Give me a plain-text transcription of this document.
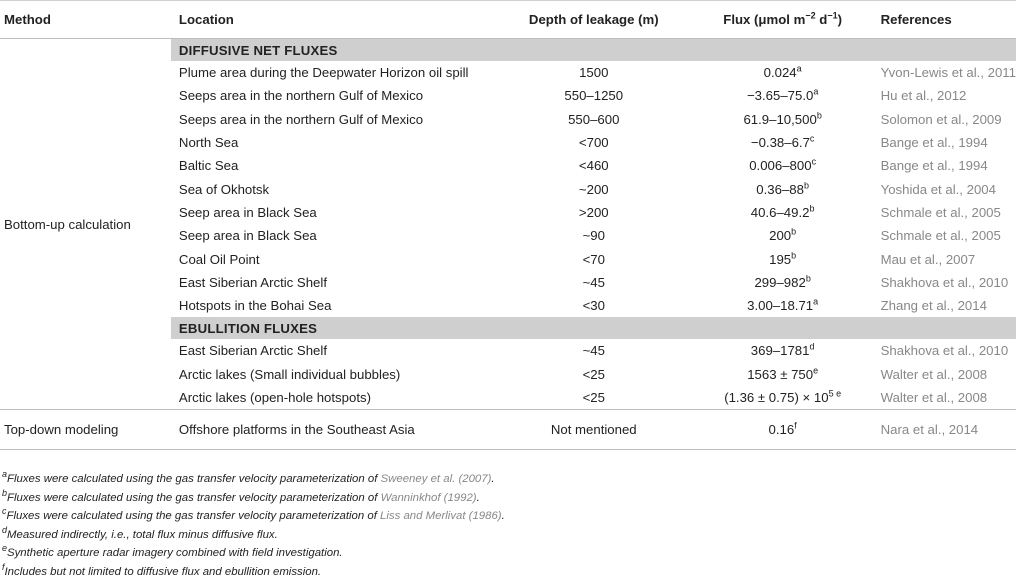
Method	Location	Depth of leakage (m)	Flux (μmol $m^{-2}$ $d^{-1}$)	References
Bottom-up calculation	DIFFUSIVE NET FLUXES			
	Plume area during the Deepwater Horizon oil spill	1500	0.024$^a$	Yvon-Lewis et al., 2011
	Seeps area in the northern Gulf of Mexico	550–1250	−3.65–75.0$^a$	Hu et al., 2012
	Seeps area in the northern Gulf of Mexico	550–600	61.9–10,500$^b$	Solomon et al., 2009
	North Sea	<700	−0.38–6.7$^c$	Bange et al., 1994
	Baltic Sea	<460	0.006–800$^c$	Bange et al., 1994
	Sea of Okhotsk	~200	0.36–88$^b$	Yoshida et al., 2004
	Seep area in Black Sea	>200	40.6–49.2$^b$	Schmale et al., 2005
	Seep area in Black Sea	~90	200$^b$	Schmale et al., 2005
	Coal Oil Point	<70	195$^b$	Mau et al., 2007
	East Siberian Arctic Shelf	~45	299–982$^b$	Shakhova et al., 2010
	Hotspots in the Bohai Sea	<30	3.00–18.71$^a$	Zhang et al., 2014
	EBULLITION FLUXES			
	East Siberian Arctic Shelf	~45	369–1781$^d$	Shakhova et al., 2010
	Arctic lakes (Small individual bubbles)	<25	$1563 \pm 750^e$	Walter et al., 2008
	Arctic lakes (open-hole hotspots)	<25	$(1.36 \pm 0.75) \times 10^{5 e}$	Walter et al., 2008
Top-down modeling	Offshore platforms in the Southeast Asia	Not mentioned	0.16$^f$	Nara et al., 2014
$^a$Fluxes were calculated using the gas transfer velocity parameterization of Sweeney et al. (2007).
$^b$Fluxes were calculated using the gas transfer velocity parameterization of Wanninkhof (1992).
$^c$Fluxes were calculated using the gas transfer velocity parameterization of Liss and Merlivat (1986).
$^d$Measured indirectly, i.e., total flux minus diffusive flux.
$^e$Synthetic aperture radar imagery combined with field investigation.
$^f$Includes but not limited to diffusive flux and ebullition emission.
